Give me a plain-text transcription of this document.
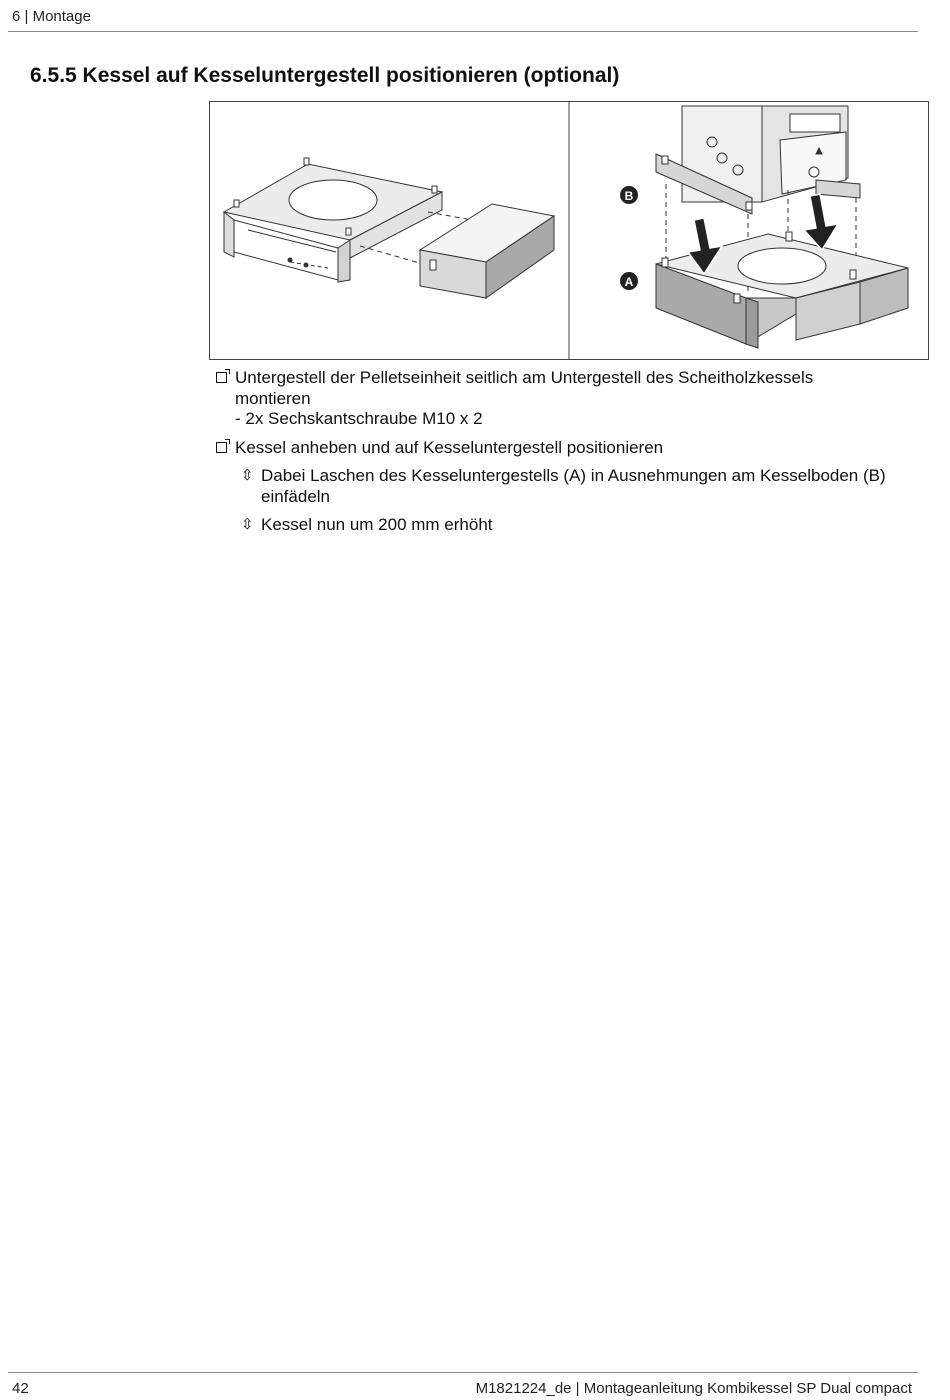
6 | Montage
6.5.5 Kessel auf Kesseluntergestell positionieren (optional)
B
A
Untergestell der Pelletseinheit seitlich am Untergestell des Scheitholzkessels
montieren
- 2x Sechskantschraube M10 x 2
Kessel anheben und auf Kesseluntergestell positionieren
⇳ Dabei Laschen des Kesseluntergestells (A) in Ausnehmungen am Kesselboden (B)
einfädeln
⇳ Kessel nun um 200 mm erhöht
42	M1821224_de | Montageanleitung Kombikessel SP Dual compact
